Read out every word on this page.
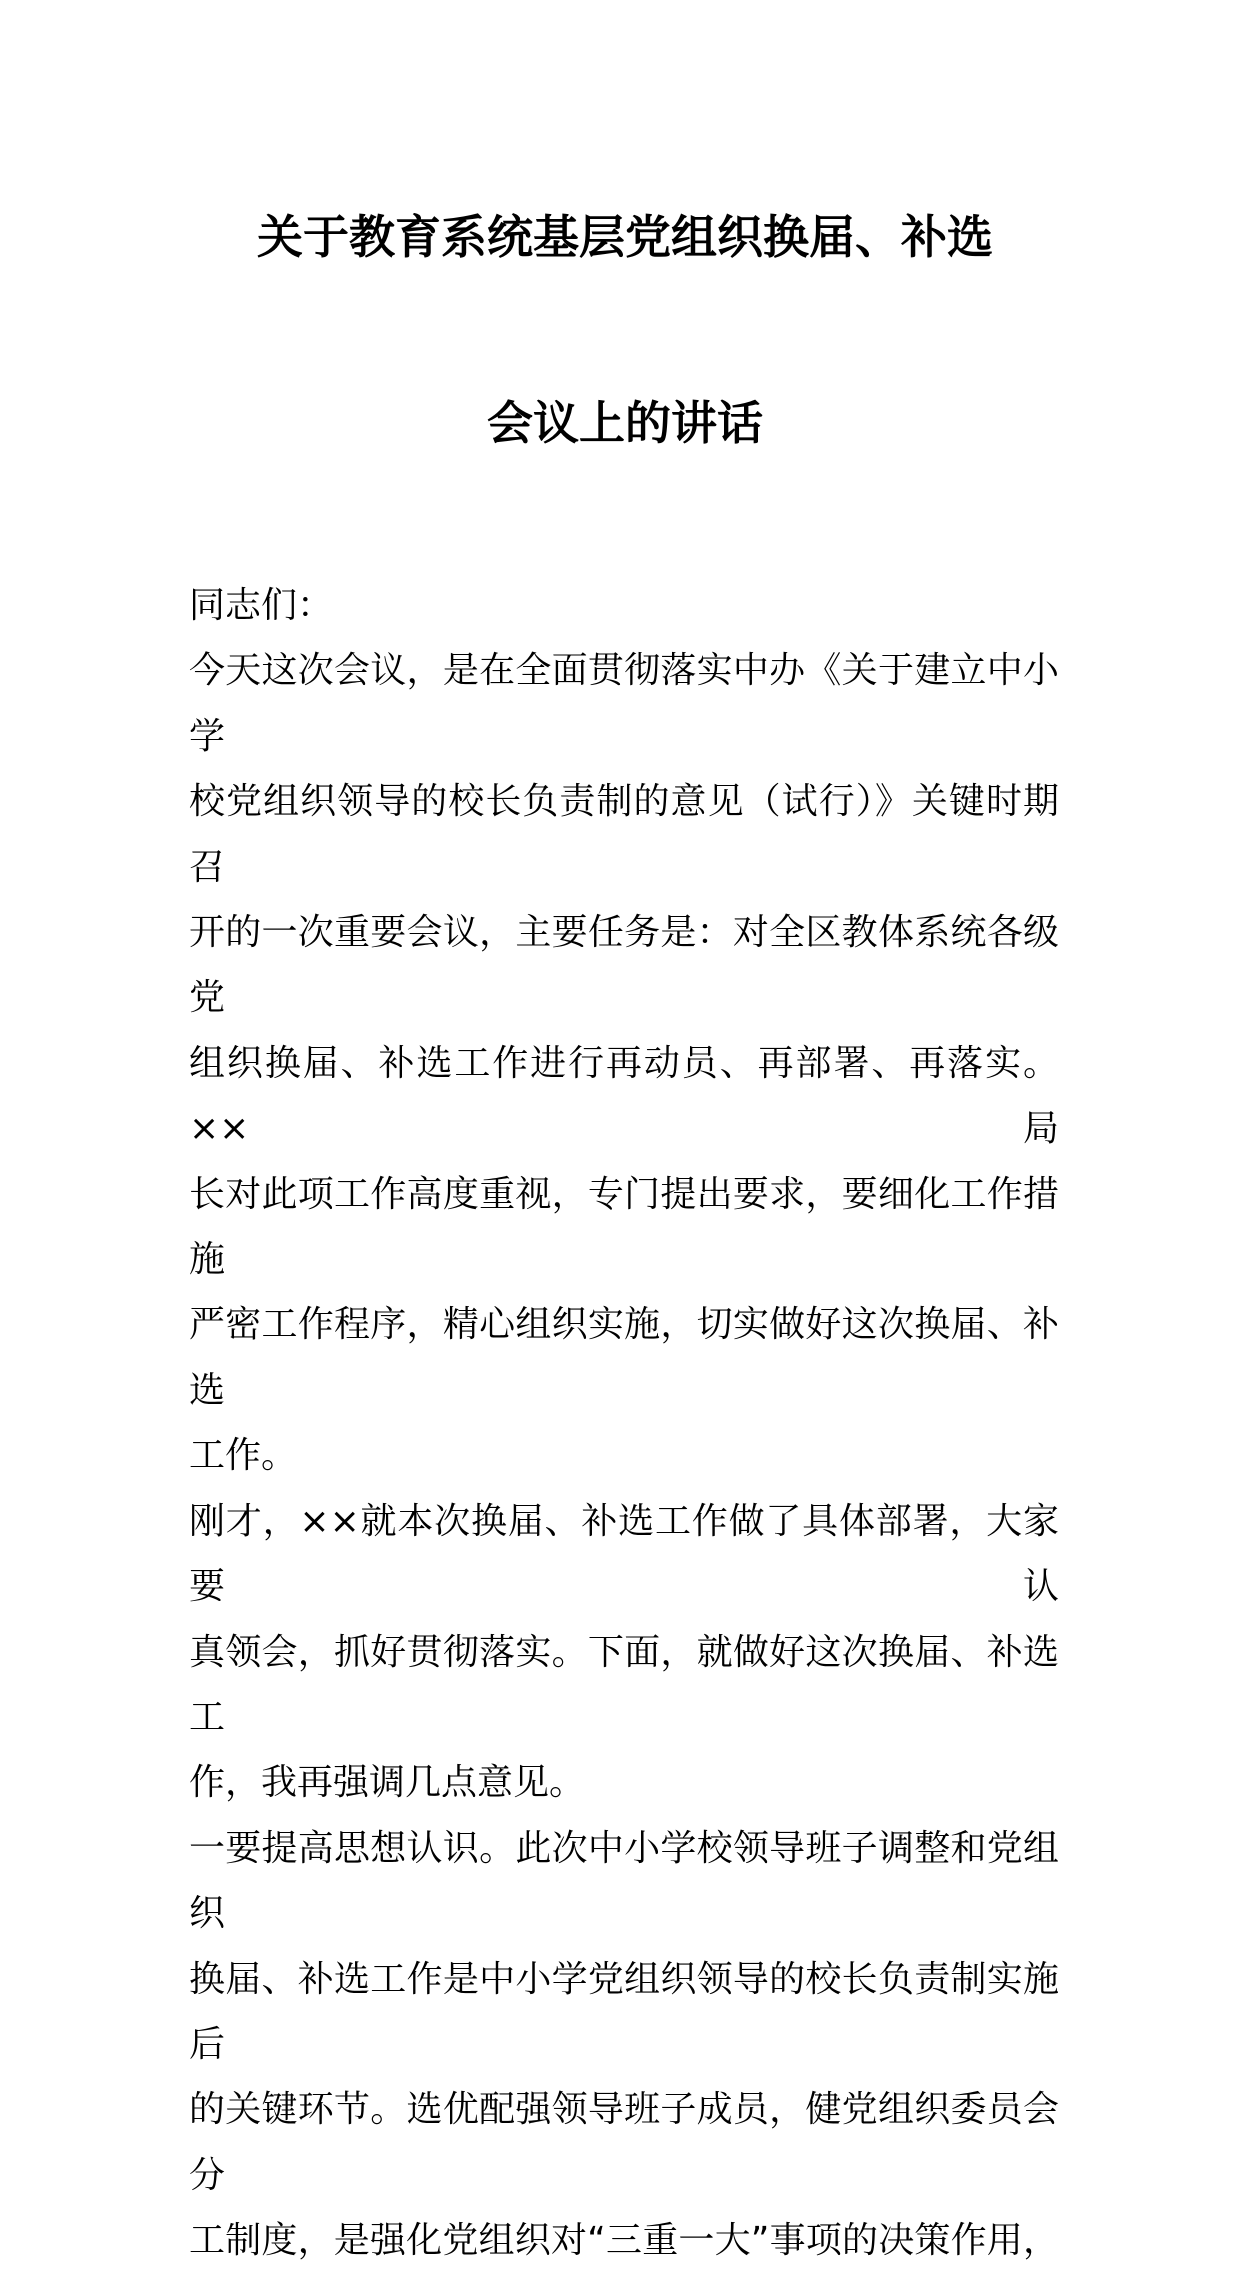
关于教育系统基层党组织换届、补选
会议上的讲话
同志们：
今天这次会议，是在全面贯彻落实中办《关于建立中小学
校党组织领导的校长负责制的意见（试行）》关键时期召
开的一次重要会议，主要任务是：对全区教体系统各级党
组织换届、补选工作进行再动员、再部署、再落实。××局
长对此项工作高度重视，专门提出要求，要细化工作措施
严密工作程序，精心组织实施，切实做好这次换届、补选
工作。
刚才，××就本次换届、补选工作做了具体部署，大家要认
真领会，抓好贯彻落实。下面，就做好这次换届、补选工
作，我再强调几点意见。
一要提高思想认识。此次中小学校领导班子调整和党组织
换届、补选工作是中小学党组织领导的校长负责制实施后
的关键环节。选优配强领导班子成员，健党组织委员会分
工制度，是强化党组织对“三重一大”事项的决策作用，
